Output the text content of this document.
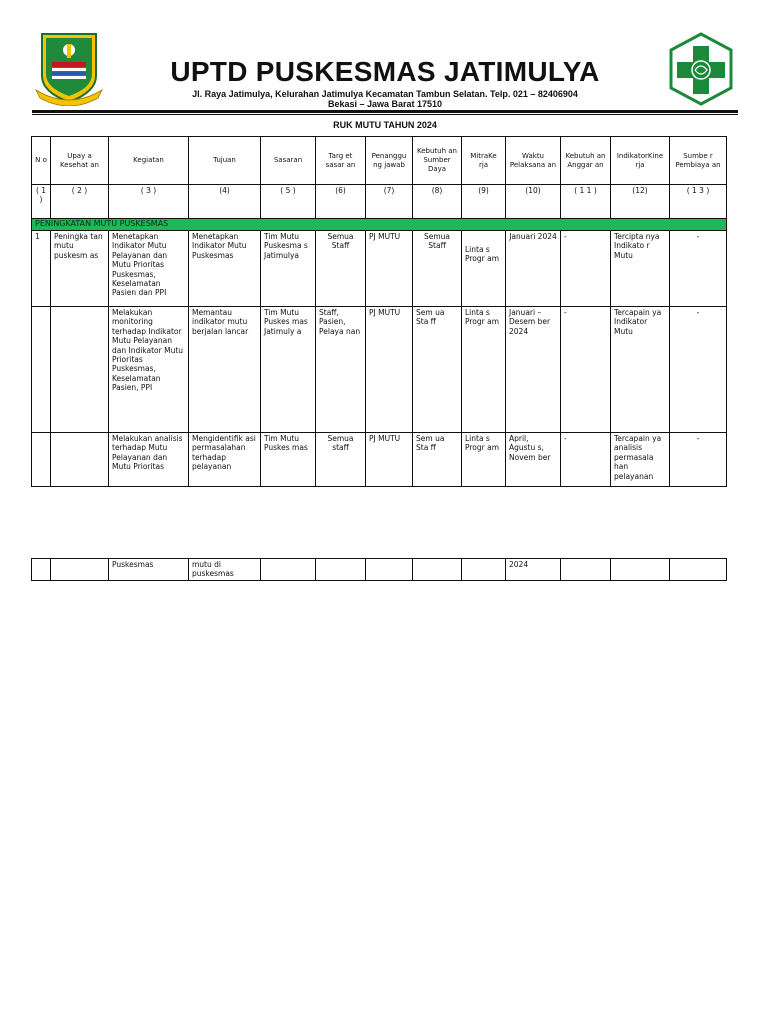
UPTD PUSKESMAS JATIMULYA
Jl. Raya Jatimulya, Kelurahan Jatimulya Kecamatan Tambun Selatan. Telp. 021 – 82406904
Bekasi – Jawa Barat 17510
RUK MUTU TAHUN 2024
N o	Upay a Kesehat an	Kegiatan	Tujuan	Sasaran	Targ et sasar an	Penanggu ng jawab	Kebutuh an Sumber Daya	MitraKe rja	Waktu Pelaksana an	Kebutuh an Anggar an	IndikatorKine rja	Sumbe r Pembiaya an
( 1 )	( 2 )	( 3 )	(4)	( 5 )	(6)	(7)	(8)	(9)	(10)	( 1 1 )	(12)	( 1 3 )
PENINGKATAN MUTU PUSKESMAS												
1	Peningka tan mutu puskesm as	Menetapkan Indikator Mutu Pelayanan dan Mutu Prioritas Puskesmas, Keselamatan Pasien dan PPI	Menetapkan Indikator Mutu Puskesmas	Tim Mutu Puskesma s Jatimulya	Semua Staff	PJ MUTU	Semua Staff	Linta s Progr am	Januari 2024	-	Tercipta nya Indikato r Mutu	-
		Melakukan monitoring terhadap Indikator Mutu Pelayanan dan Indikator Mutu Prioritas Puskesmas, Keselamatan Pasien, PPI	Memantau indikator mutu berjalan lancar	Tim Mutu Puskes mas Jatimuly a	Staff, Pasien, Pelaya nan	PJ MUTU	Sem ua Sta ff	Linta s Progr am	Januari – Desem ber 2024	-	Tercapain ya Indikator Mutu	-
		Melakukan analisis terhadap Mutu Pelayanan dan Mutu Prioritas	Mengidentifik asi permasalahan terhadap pelayanan	Tim Mutu Puskes mas	Semua staff	PJ MUTU	Sem ua Sta ff	Linta s Progr am	April, Agustu s, Novem ber	-	Tercapain ya analisis permasala han pelayanan	-
		Puskesmas	mutu di puskesmas						2024			
